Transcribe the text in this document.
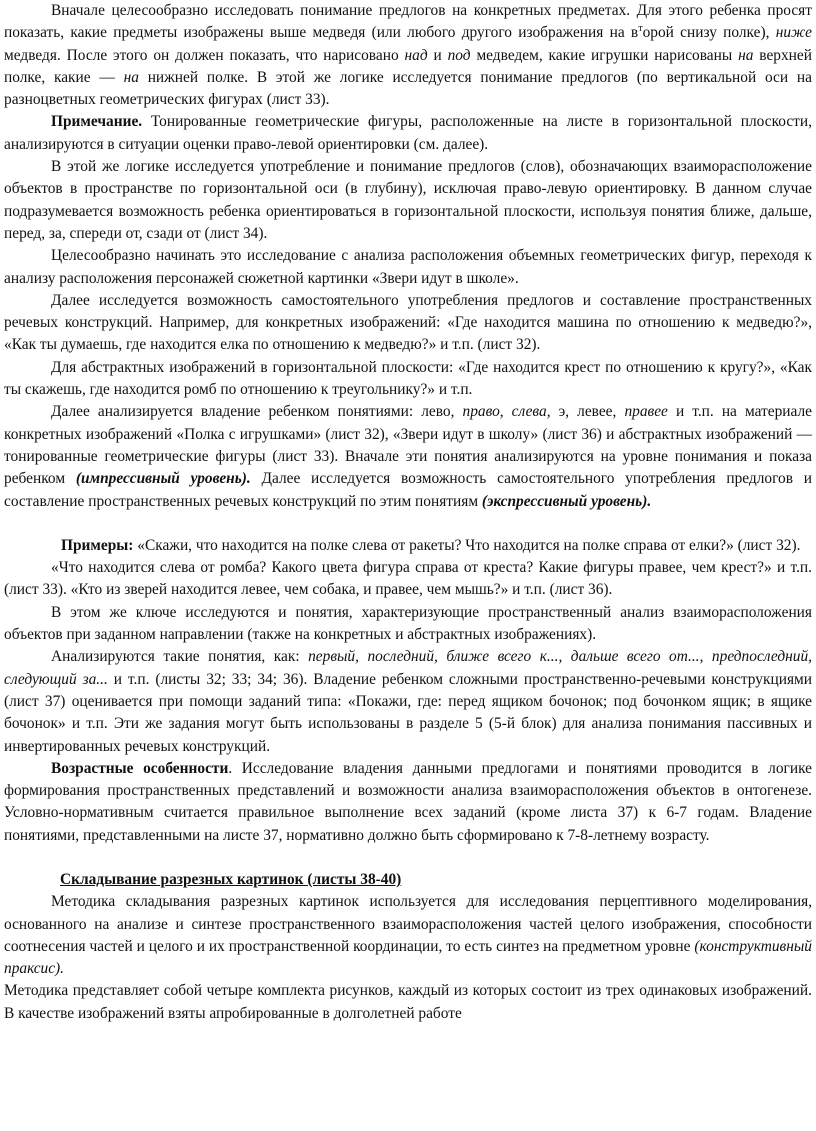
Вначале целесообразно исследовать понимание предлогов на конкретных предметах. Для этого ребенка просят показать, какие предметы изображены выше медведя (или любого другого изображения на $в^торой$ снизу полке), ниже медведя. После этого он должен показать, что нарисовано над и под медведем, какие игрушки нарисованы на верхней полке, какие — на нижней полке. В этой же логике исследуется понимание предлогов (по вертикальной оси на разноцветных геометрических фигурах (лист 33).

Примечание. Тонированные геометрические фигуры, расположенные на листе в горизонтальной плоскости, анализируются в ситуации оценки право-левой ориентировки (см. далее).

В этой же логике исследуется употребление и понимание предлогов (слов), обозначающих взаиморасположение объектов в пространстве по горизонтальной оси (в глубину), исключая право-левую ориентировку. В данном случае подразумевается возможность ребенка ориентироваться в горизонтальной плоскости, используя понятия ближе, дальше, перед, за, спереди от, сзади от (лист 34).

Целесообразно начинать это исследование с анализа расположения объемных геометрических фигур, переходя к анализу расположения персонажей сюжетной картинки «Звери идут в школе».

Далее исследуется возможность самостоятельного употребления предлогов и составление пространственных речевых конструкций. Например, для конкретных изображений: «Где находится машина по отношению к медведю?», «Как ты думаешь, где находится елка по отношению к медведю?» и т.п. (лист 32).

Для абстрактных изображений в горизонтальной плоскости: «Где находится крест по отношению к кругу?», «Как ты скажешь, где находится ромб по отношению к треугольнику?» и т.п.

Далее анализируется владение ребенком понятиями: лево, право, слева, э, левее, правее и т.п. на материале конкретных изображений «Полка с игрушками» (лист 32), «Звери идут в школу» (лист 36) и абстрактных изображений — тонированные геометрические фигуры (лист 33). Вначале эти понятия анализируются на уровне понимания и показа ребенком (импрессивный уровень). Далее исследуется возможность самостоятельного употребления предлогов и составление пространственных речевых конструкций по этим понятиям (экспрессивный уровень).

Примеры: «Скажи, что находится на полке слева от ракеты? Что находится на полке справа от елки?» (лист 32).

«Что находится слева от ромба? Какого цвета фигура справа от креста? Какие фигуры правее, чем крест?» и т.п. (лист 33). «Кто из зверей находится левее, чем собака, и правее, чем мышь?» и т.п. (лист 36).

В этом же ключе исследуются и понятия, характеризующие пространственный анализ взаиморасположения объектов при заданном направлении (также на конкретных и абстрактных изображениях).

Анализируются такие понятия, как: первый, последний, ближе всего к..., дальше всего от..., предпоследний, следующий за... и т.п. (листы 32; 33; 34; 36). Владение ребенком сложными пространственно-речевыми конструкциями (лист 37) оценивается при помощи заданий типа: «Покажи, где: перед ящиком бочонок; под бочонком ящик; в ящике бочонок» и т.п. Эти же задания могут быть использованы в разделе 5 (5-й блок) для анализа понимания пассивных и инвертированных речевых конструкций.

Возрастные особенности. Исследование владения данными предлогами и понятиями проводится в логике формирования пространственных представлений и возможности анализа взаиморасположения объектов в онтогенезе. Условно-нормативным считается правильное выполнение всех заданий (кроме листа 37) к 6-7 годам. Владение понятиями, представленными на листе 37, нормативно должно быть сформировано к 7-8-летнему возрасту.

Складывание разрезных картинок (листы 38-40)

Методика складывания разрезных картинок используется для исследования перцептивного моделирования, основанного на анализе и синтезе пространственного взаиморасположения частей целого изображения, способности соотнесения частей и целого и их пространственной координации, то есть синтез на предметном уровне (конструктивный праксис).

Методика представляет собой четыре комплекта рисунков, каждый из которых состоит из трех одинаковых изображений. В качестве изображений взяты апробированные в долголетней работе
